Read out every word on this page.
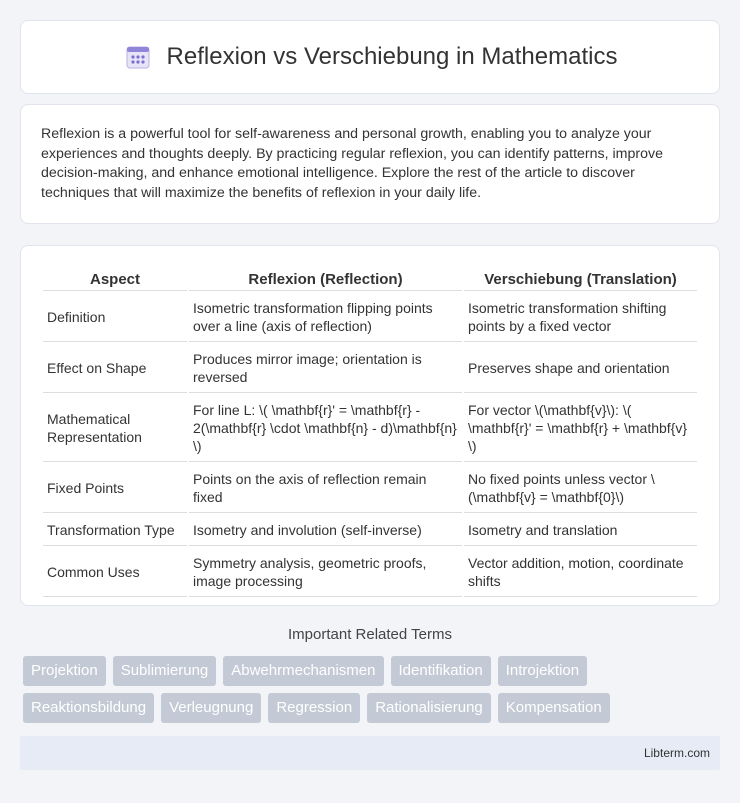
Reflexion vs Verschiebung in Mathematics

Reflexion is a powerful tool for self-awareness and personal growth, enabling you to analyze your experiences and thoughts deeply. By practicing regular reflexion, you can identify patterns, improve decision-making, and enhance emotional intelligence. Explore the rest of the article to discover techniques that will maximize the benefits of reflexion in your daily life.

Aspect	Reflexion (Reflection)	Verschiebung (Translation)
Definition	Isometric transformation flipping points over a line (axis of reflection)	Isometric transformation shifting points by a fixed vector
Effect on Shape	Produces mirror image; orientation is reversed	Preserves shape and orientation
Mathematical Representation	For line L: \( \mathbf{r}' = \mathbf{r} - 2(\mathbf{r} \cdot \mathbf{n} - d)\mathbf{n} \)	For vector \(\mathbf{v}\): \( \mathbf{r}' = \mathbf{r} + \mathbf{v} \)
Fixed Points	Points on the axis of reflection remain fixed	No fixed points unless vector \(\mathbf{v} = \mathbf{0}\)
Transformation Type	Isometry and involution (self-inverse)	Isometry and translation
Common Uses	Symmetry analysis, geometric proofs, image processing	Vector addition, motion, coordinate shifts
Important Related Terms
Projektion	Sublimierung	Abwehrmechanismen	Identifikation	Introjektion
Reaktionsbildung	Verleugnung	Regression	Rationalisierung	Kompensation
Libterm.com
